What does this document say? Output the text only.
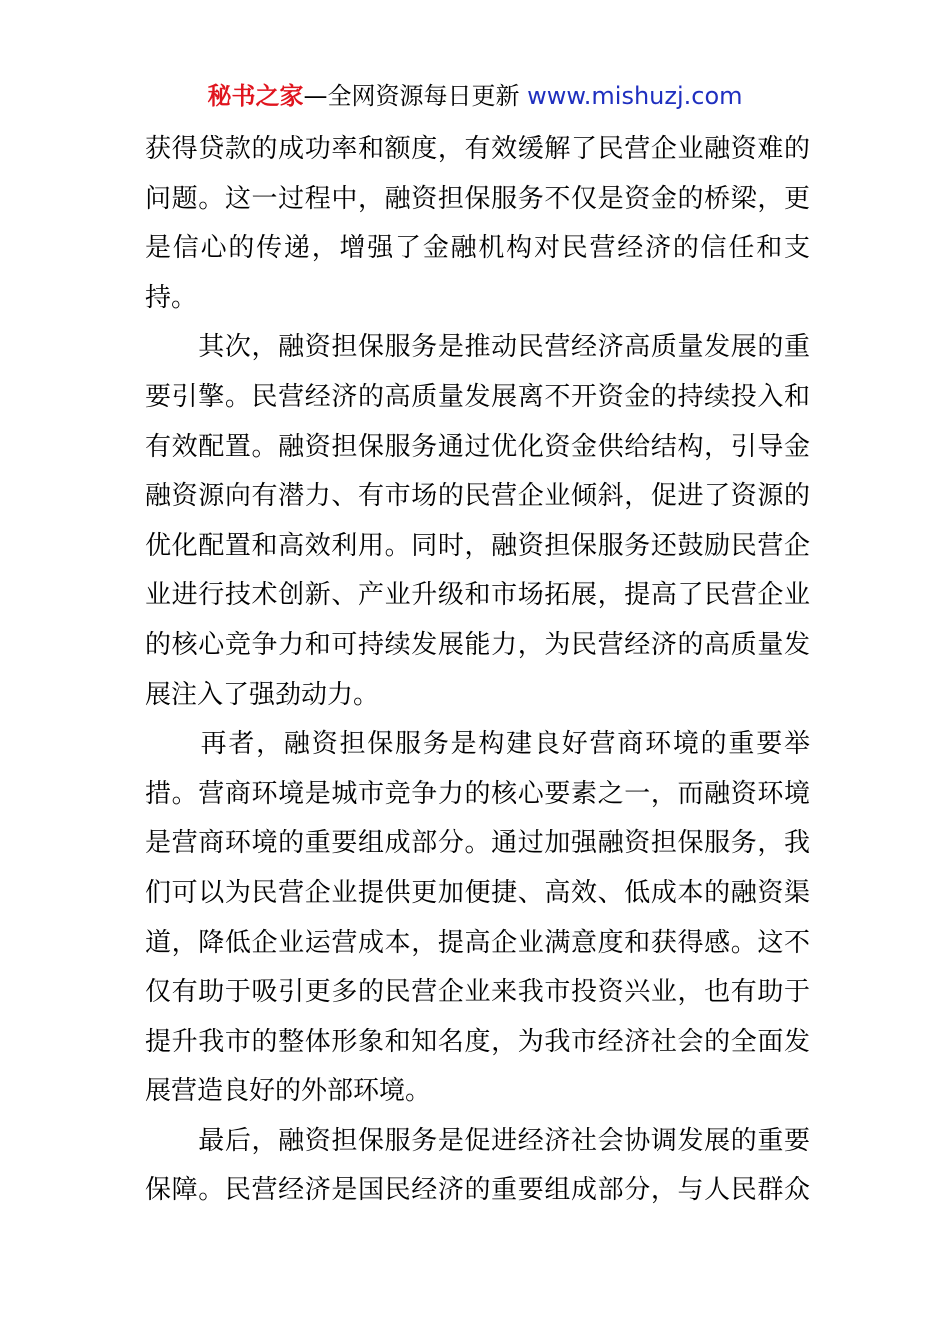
秘书之家—全网资源每日更新 www.mishuzj.com
获得贷款的成功率和额度，有效缓解了民营企业融资难的
问题。这一过程中，融资担保服务不仅是资金的桥梁，更
是信心的传递，增强了金融机构对民营经济的信任和支
持。
　　其次，融资担保服务是推动民营经济高质量发展的重
要引擎。民营经济的高质量发展离不开资金的持续投入和
有效配置。融资担保服务通过优化资金供给结构，引导金
融资源向有潜力、有市场的民营企业倾斜，促进了资源的
优化配置和高效利用。同时，融资担保服务还鼓励民营企
业进行技术创新、产业升级和市场拓展，提高了民营企业
的核心竞争力和可持续发展能力，为民营经济的高质量发
展注入了强劲动力。
　　再者，融资担保服务是构建良好营商环境的重要举
措。营商环境是城市竞争力的核心要素之一，而融资环境
是营商环境的重要组成部分。通过加强融资担保服务，我
们可以为民营企业提供更加便捷、高效、低成本的融资渠
道，降低企业运营成本，提高企业满意度和获得感。这不
仅有助于吸引更多的民营企业来我市投资兴业，也有助于
提升我市的整体形象和知名度，为我市经济社会的全面发
展营造良好的外部环境。
　　最后，融资担保服务是促进经济社会协调发展的重要
保障。民营经济是国民经济的重要组成部分，与人民群众
